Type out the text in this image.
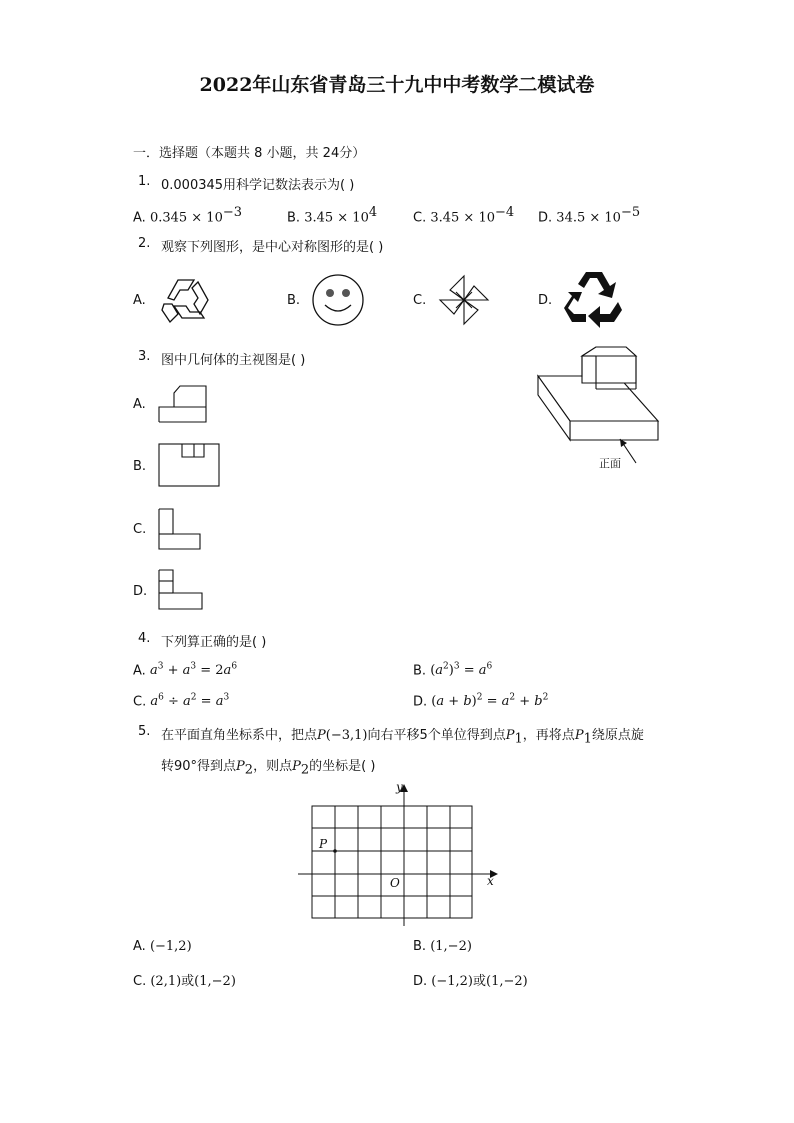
2022年山东省青岛三十九中中考数学二模试卷
一．选择题（本题共 8 小题，共 24分）
1. 0.000345用科学记数法表示为( )
A. $0.345 \times 10^{-3}$	B. $3.45 \times 10^4$	C. $3.45 \times 10^{-4}$ D. $34.5 \times 10^{-5}$
2. 观察下列图形，是中心对称图形的是( )
A.	B.	C.	D.
3. 图中几何体的主视图是( )
正面
A.
B.
C.
D.
4. 下列算正确的是( )
A. $a^3 + a^3 = 2a^6$	B. $(a^2)^3 = a^6$
C. $a^6 \div a^2 = a^3$	D. $(a + b)^2 = a^2 + b^2$
5. 在平面直角坐标系中，把点P(−3,1)向右平移5个单位得到点$P_1$，再将点$P_1$绕原点旋
转90°得到点$P_2$，则点$P_2$的坐标是( )
y
x
P
O
A. (−1,2)	B. (1,−2)
C. (2,1)或(1,−2)	D. (−1,2)或(1,−2)
